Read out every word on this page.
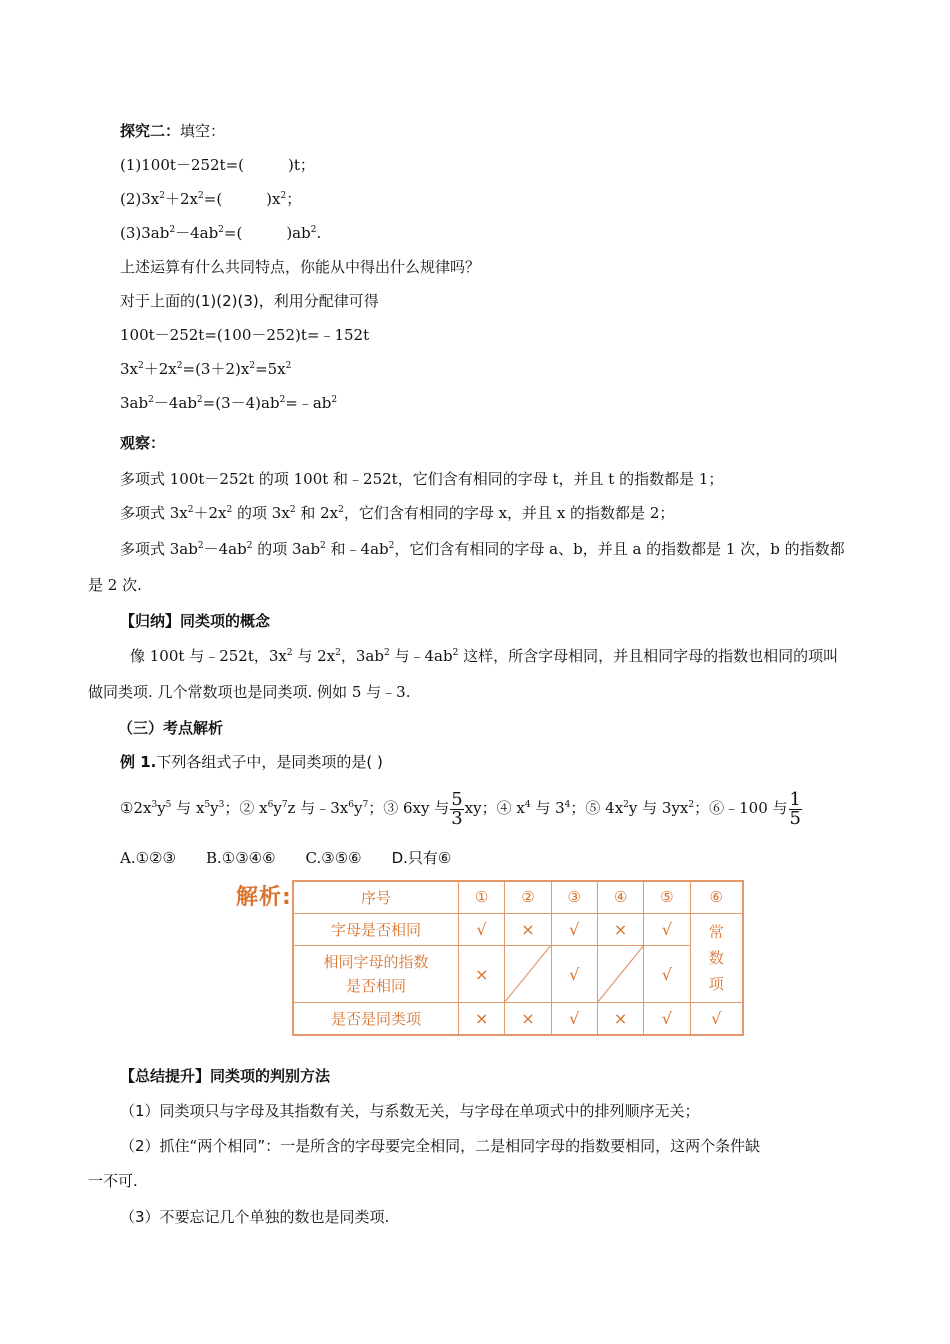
探究二：填空：
(1)100t－252t=(	)t；
$(2)3x^2+2x^2=$(	)$x^2$；
$(3)3ab^2-4ab^2=$(	)$ab^2$.
上述运算有什么共同特点，你能从中得出什么规律吗？
对于上面的(1)(2)(3)，利用分配律可得
100t－252t=(100－252)t=﹣152t
$3x^2+2x^2=(3+2)x^2=5x^2$
$3ab^2-4ab^2=(3-4)ab^2=﹣ab^2$
观察：
多项式 100t－252t 的项 100t 和﹣252t，它们含有相同的字母 t，并且 t 的指数都是 1；
多项式 $3x^2+2x^2$ 的项 $3x^2$ 和 $2x^2$，它们含有相同的字母 x，并且 x 的指数都是 2；
多项式 $3ab^2-4ab^2$ 的项 $3ab^2$ 和$﹣4ab^2$，它们含有相同的字母 a、b，并且 a 的指数都是 1 次，b 的指数都
是 2 次.
【归纳】同类项的概念
像 100t 与﹣252t，$3x^2$ 与 $2x^2$，$3ab^2$ 与$﹣4ab^2$ 这样，所含字母相同，并且相同字母的指数也相同的项叫
做同类项. 几个常数项也是同类项. 例如 5 与﹣3.
（三）考点解析
例 1.下列各组式子中，是同类项的是( )
$①2x^3y^5$ 与 $x^5y^3$；② $x^6y^7z$ 与$﹣3x^6y^7$；③ 6xy 与 $\frac{5}{3}$ xy；④ $x^4$ 与 $3^4$；⑤ $4x^2y$ 与 $3yx^2$；⑥﹣100 与 $\frac{1}{5}$
A.①②③ B.①③④⑥ C.③⑤⑥ D.只有⑥
解析:	序号	①	②	③	④	⑤	⑥
字母是否相同	√	×	√	×	√	常
数
项
相同字母的指数
是否相同	×		√		√	
是否是同类项	×	×	√	×	√	√
【总结提升】同类项的判别方法
（1）同类项只与字母及其指数有关，与系数无关，与字母在单项式中的排列顺序无关；
（2）抓住“两个相同”：一是所含的字母要完全相同，二是相同字母的指数要相同，这两个条件缺
一不可.
（3）不要忘记几个单独的数也是同类项.
